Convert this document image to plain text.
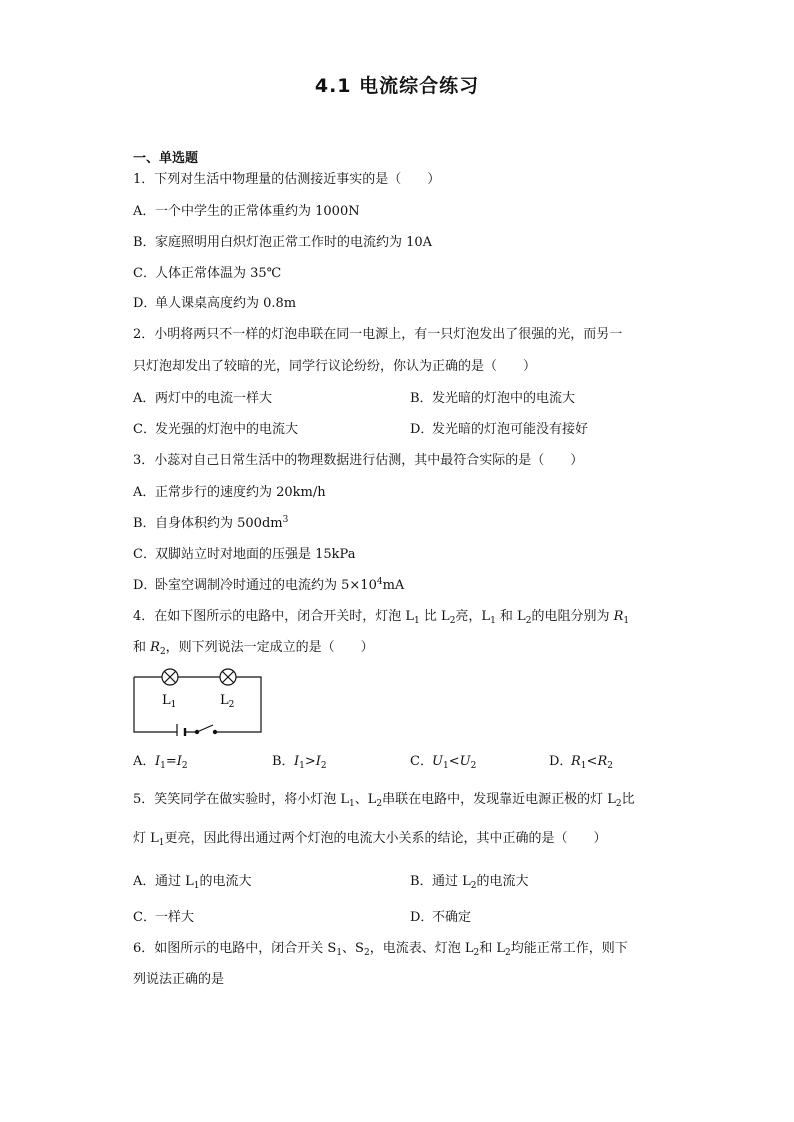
4.1 电流综合练习
一、单选题
1．下列对生活中物理量的估测接近事实的是（　　）
A．一个中学生的正常体重约为 1000N
B．家庭照明用白炽灯泡正常工作时的电流约为 10A
C．人体正常体温为 35℃
D．单人课桌高度约为 0.8m
2．小明将两只不一样的灯泡串联在同一电源上，有一只灯泡发出了很强的光，而另一
只灯泡却发出了较暗的光，同学行议论纷纷，你认为正确的是（　　）
A．两灯中的电流一样大	B．发光暗的灯泡中的电流大
C．发光强的灯泡中的电流大	D．发光暗的灯泡可能没有接好
3．小蕊对自己日常生活中的物理数据进行估测，其中最符合实际的是（　　）
A．正常步行的速度约为 20km/h
B．自身体积约为 $500dm^3$
C．双脚站立时对地面的压强是 15kPa
D．卧室空调制冷时通过的电流约为 $5\times 10^4mA$
4．在如下图所示的电路中，闭合开关时，灯泡 $L_1$ 比 $L_2$亮，$L_1$ 和 $L_2$的电阻分别为 $R_1$
和 $R_2$，则下列说法一定成立的是（　　）
$L_1$	$L_2$
A．$I_1=I_2$	B．$I_1>I_2$	C．$U_1<U_2$	D．$R_1<R_2$
5．笑笑同学在做实验时，将小灯泡 $L_1$、$L_2$串联在电路中，发现靠近电源正极的灯 $L_2$比
灯 $L_1$更亮，因此得出通过两个灯泡的电流大小关系的结论，其中正确的是（　　）
A．通过 $L_1$的电流大	B．通过 $L_2$的电流大
C．一样大	D．不确定
6．如图所示的电路中，闭合开关 $S_1$、$S_2$，电流表、灯泡 $L_2$和 $L_2$均能正常工作，则下
列说法正确的是
